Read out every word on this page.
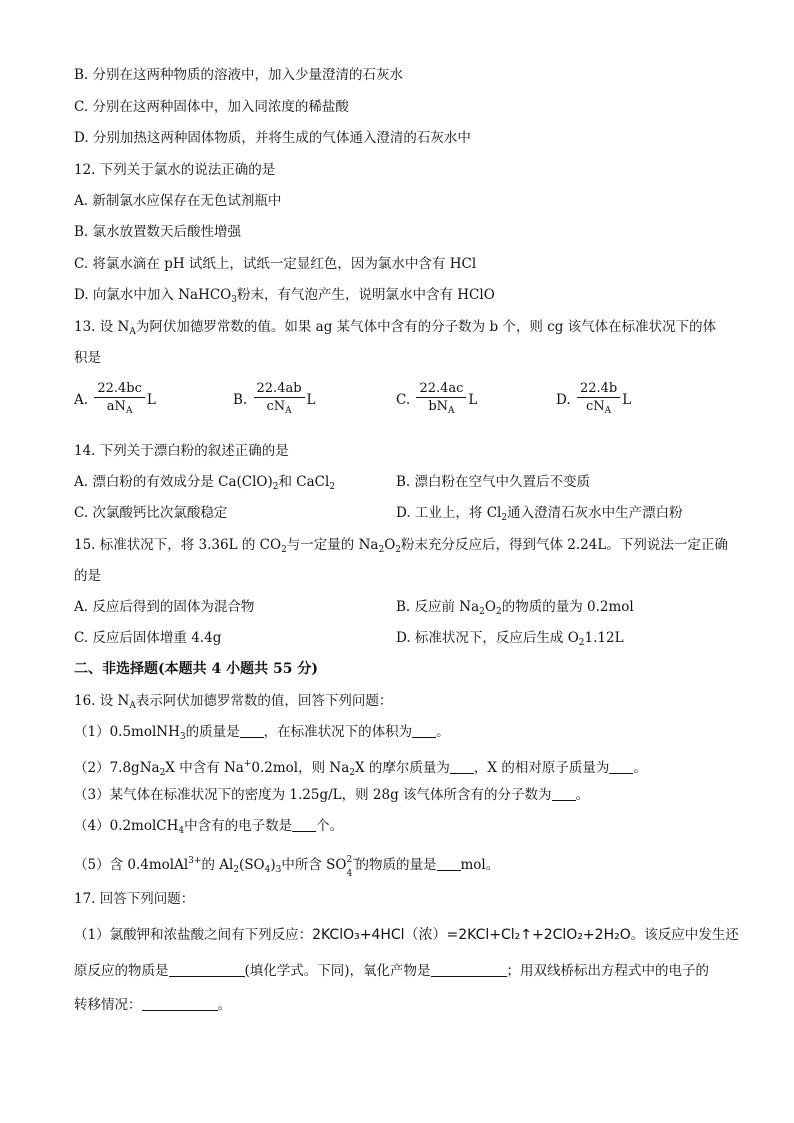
B. 分别在这两种物质的溶液中，加入少量澄清的石灰水
C. 分别在这两种固体中，加入同浓度的稀盐酸
D. 分别加热这两种固体物质，并将生成的气体通入澄清的石灰水中
12. 下列关于氯水的说法正确的是
A. 新制氯水应保存在无色试剂瓶中
B. 氯水放置数天后酸性增强
C. 将氯水滴在 pH 试纸上，试纸一定显红色，因为氯水中含有 HCl
D. 向氯水中加入 NaHCO$_3$粉末，有气泡产生，说明氯水中含有 HClO
13. 设 $N_A$为阿伏加德罗常数的值。如果 ag 某气体中含有的分子数为 b 个，则 cg 该气体在标准状况下的体
积是
A. $\frac{22.4bc}{aN_A}$ L	B. $\frac{22.4ab}{cN_A}$ L	C. $\frac{22.4ac}{bN_A}$ L	D. $\frac{22.4b}{cN_A}$ L
14. 下列关于漂白粉的叙述正确的是
A. 漂白粉的有效成分是 $Ca(ClO)_2$和 CaCl$_2$	B. 漂白粉在空气中久置后不变质
C. 次氯酸钙比次氯酸稳定	D. 工业上，将 $Cl_2$通入澄清石灰水中生产漂白粉
15. 标准状况下，将 3.36L 的 $CO_2$与一定量的 $Na_2O_2$粉末充分反应后，得到气体 2.24L。下列说法一定正确
的是
A. 反应后得到的固体为混合物	B. 反应前 $Na_2O_2$的物质的量为 0.2mol
C. 反应后固体增重 4.4g	D. 标准状况下，反应后生成 $O_21.12L$
二、非选择题(本题共 4 小题共 55 分)
16. 设 $N_A$表示阿伏加德罗常数的值，回答下列问题：
（1）0.5molNH$_3$的质量是 ，在标准状况下的体积为 。
（2）7.8gNa$_2$X 中含有 Na+0.2mol，则 $Na_2X$ 的摩尔质量为 ，X 的相对原子质量为 。
（3）某气体在标准状况下的密度为 1.25g/L，则 28g 该气体所含有的分子数为 。
（4）0.2molCH$_4$中含有的电子数是 个。
（5）含 0.4molAl$^{3+}$的 $Al_2(SO_4)_3$中所含 SO 2−
4
的物质的量是 mol。
17. 回答下列问题：
（1）氯酸钾和浓盐酸之间有下列反应：2KClO₃+4HCl（浓）=2KCl+Cl₂↑+2ClO₂+2H₂O。该反应中发生还
原反应的物质是	(填化学式。下同)，氧化产物是	；用双线桥标出方程式中的电子的
转移情况：	。
